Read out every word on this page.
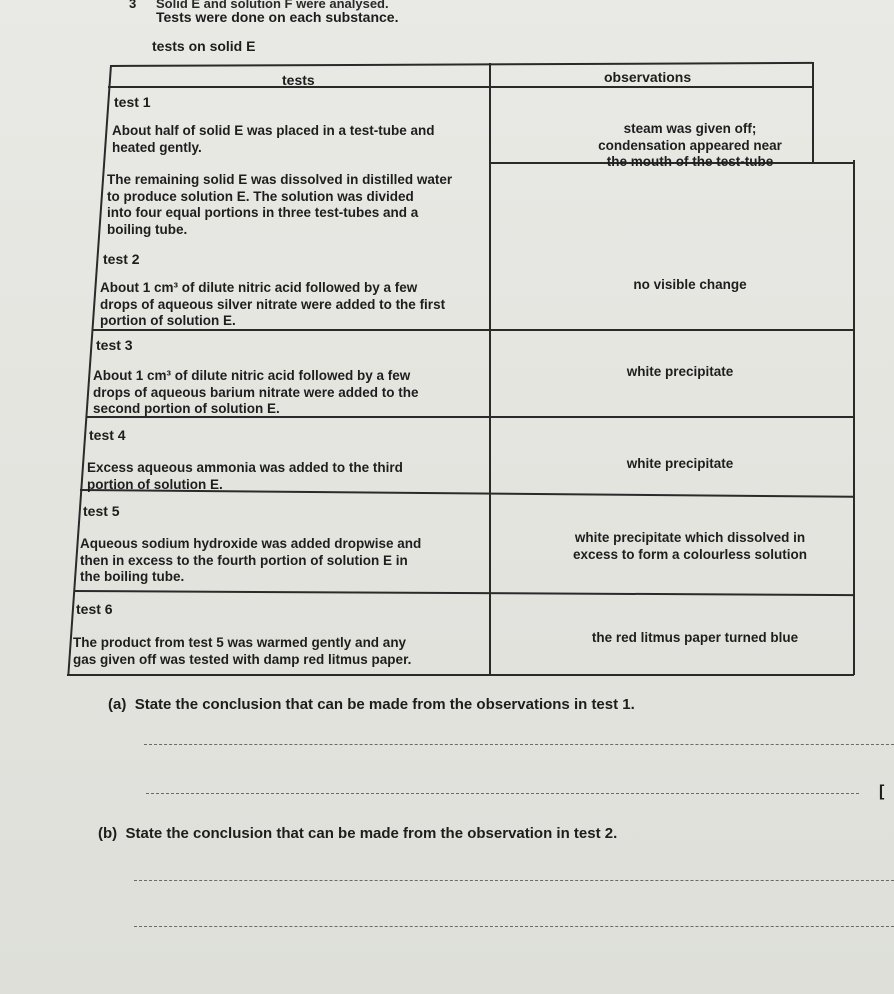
3 Solid E and solution F were analysed.
Tests were done on each substance.
tests on solid E
tests	observations
test 1
About half of solid E was placed in a test-tube and
heated gently.
steam was given off;
condensation appeared near
the mouth of the test-tube
The remaining solid E was dissolved in distilled water
to produce solution E. The solution was divided
into four equal portions in three test-tubes and a
boiling tube.
test 2
About 1 cm³ of dilute nitric acid followed by a few
drops of aqueous silver nitrate were added to the first
portion of solution E.
no visible change
test 3
About 1 cm³ of dilute nitric acid followed by a few
drops of aqueous barium nitrate were added to the
second portion of solution E.
white precipitate
test 4
Excess aqueous ammonia was added to the third
portion of solution E.
white precipitate
test 5
Aqueous sodium hydroxide was added dropwise and
then in excess to the fourth portion of solution E in
the boiling tube.
white precipitate which dissolved in
excess to form a colourless solution
test 6
The product from test 5 was warmed gently and any
gas given off was tested with damp red litmus paper.
the red litmus paper turned blue
(a) State the conclusion that can be made from the observations in test 1.
[
(b) State the conclusion that can be made from the observation in test 2.
